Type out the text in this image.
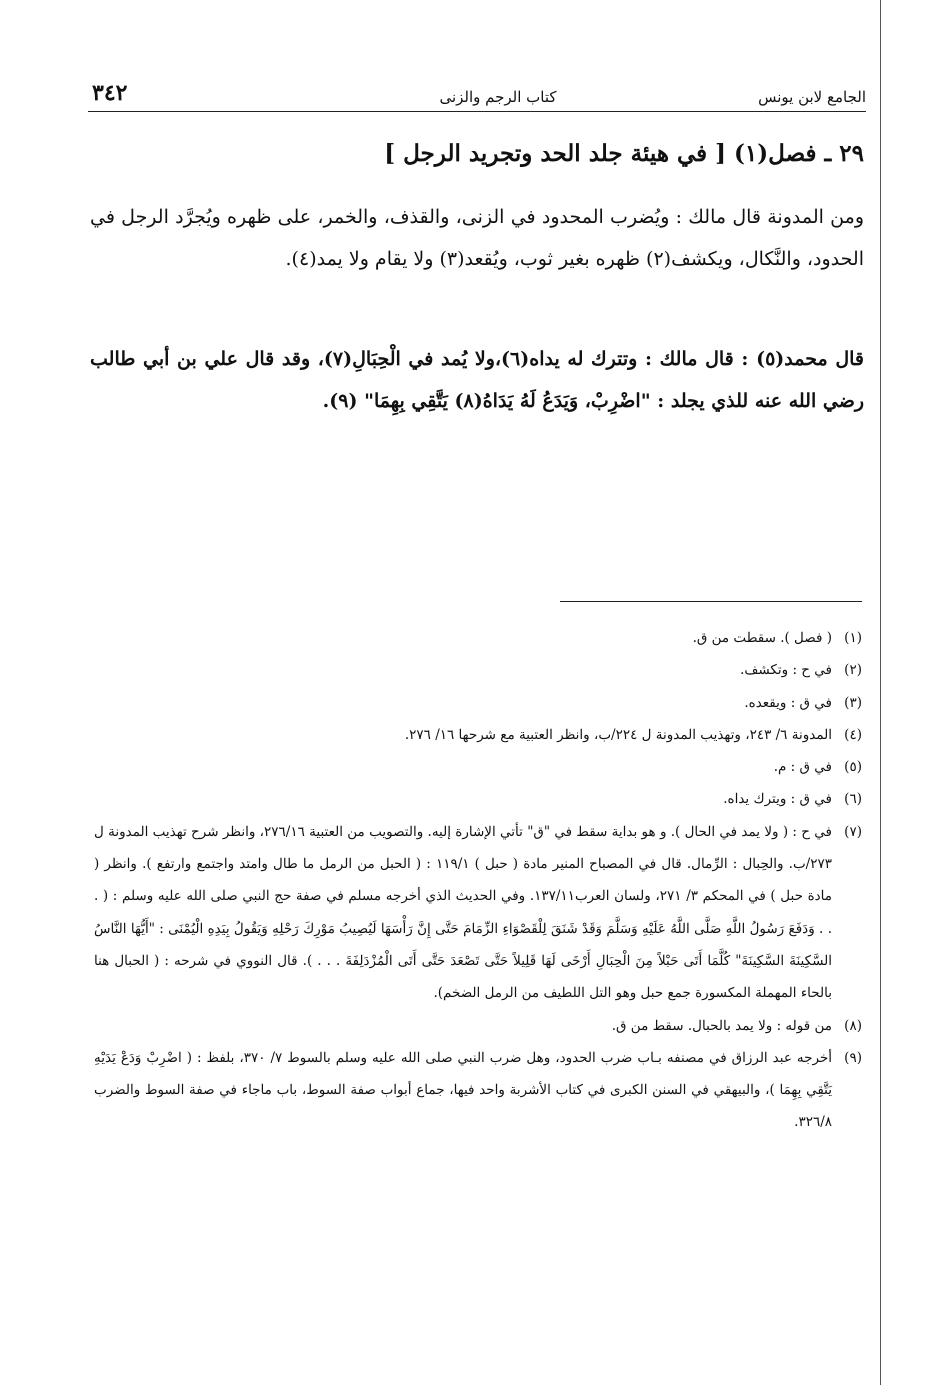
٣٤٢	كتاب الرجم والزنى	الجامع لابن يونس
٢٩ ـ فصل(١) [ في هيئة جلد الحد وتجريد الرجل ]
ومن المدونة قال مالك : ويُضرب المحدود في الزنى، والقذف، والخمر، على ظهره ويُجرَّد الرجل في الحدود، والنَّكال، ويكشف(٢) ظهره بغير ثوب، ويُقعد(٣) ولا يقام ولا يمد(٤).
قال محمد(٥) : قال مالك : وتترك له يداه(٦)،ولا يُمد في الْحِبَالِ(٧)، وقد قال علي بن أبي طالب رضي الله عنه للذي يجلد : "اضْرِبْ، وَيَدَعُ لَهُ يَدَاهُ(٨) يَتَّقِي بِهِمَا" (٩).
(١)
( فصل ). سقطت من ق.
(٢)
في ح : وتكشف.
(٣)
في ق : ويقعده.
(٤)
المدونة ٦/ ٢٤٣، وتهذيب المدونة ل ٢٢٤/ب، وانظر العتبية مع شرحها ١٦/ ٢٧٦.
(٥)
في ق : م.
(٦)
في ق : ويترك يداه.
(٧)
في ح : ( ولا يمد في الحال ). و هو بداية سقط في "ق" تأتي الإشارة إليه. والتصويب من العتبية ٢٧٦/١٦، وانظر شرح تهذيب المدونة ل ٢٧٣/ب. والحِبال : الرِّمال. قال في المصباح المنير مادة ( حبل ) ١١٩/١ : ( الحبل من الرمل ما طال وامتد واجتمع وارتفع ). وانظر ( مادة حبل ) في المحكم ٣/ ٢٧١، ولسان العرب١٣٧/١١. وفي الحديث الذي أخرجه مسلم في صفة حج النبي صلى الله عليه وسلم : ( . . . وَدَفَعَ رَسُولُ اللَّهِ صَلَّى اللَّهُ عَلَيْهِ وَسَلَّمَ وَقَدْ شَنَقَ لِلْقَصْوَاءِ الزِّمَامَ حَتَّى إِنَّ رَأْسَهَا لَيُصِيبُ مَوْرِكَ رَحْلِهِ وَيَقُولُ بِيَدِهِ الْيُمْنَى : "أَيُّهَا النَّاسُ السَّكِينَةَ السَّكِينَةَ" كُلَّمَا أَتَى حَبْلاً مِنَ الْحِبَالِ أَرْخَى لَهَا قَلِيلاً حَتَّى تَصْعَدَ حَتَّى أَتَى الْمُزْدَلِفَةَ . . . ). قال النووي في شرحه : ( الحبال هنا بالحاء المهملة المكسورة جمع حبل وهو التل اللطيف من الرمل الضخم).
(٨)
من قوله : ولا يمد بالحبال. سقط من ق.
(٩)
أخرجه عبد الرزاق في مصنفه بـاب ضرب الحدود، وهل ضرب النبي صلى الله عليه وسلم بالسوط ٧/ ٣٧٠، بلفظ : ( اضْرِبْ وَدَعْ يَدَيْهِ يَتَّقِي بِهِمَا )، والبيهقي في السنن الكبرى في كتاب الأشربة واحد فيها، جماع أبواب صفة السوط، باب ماجاء في صفة السوط والضرب ٣٢٦/٨.
